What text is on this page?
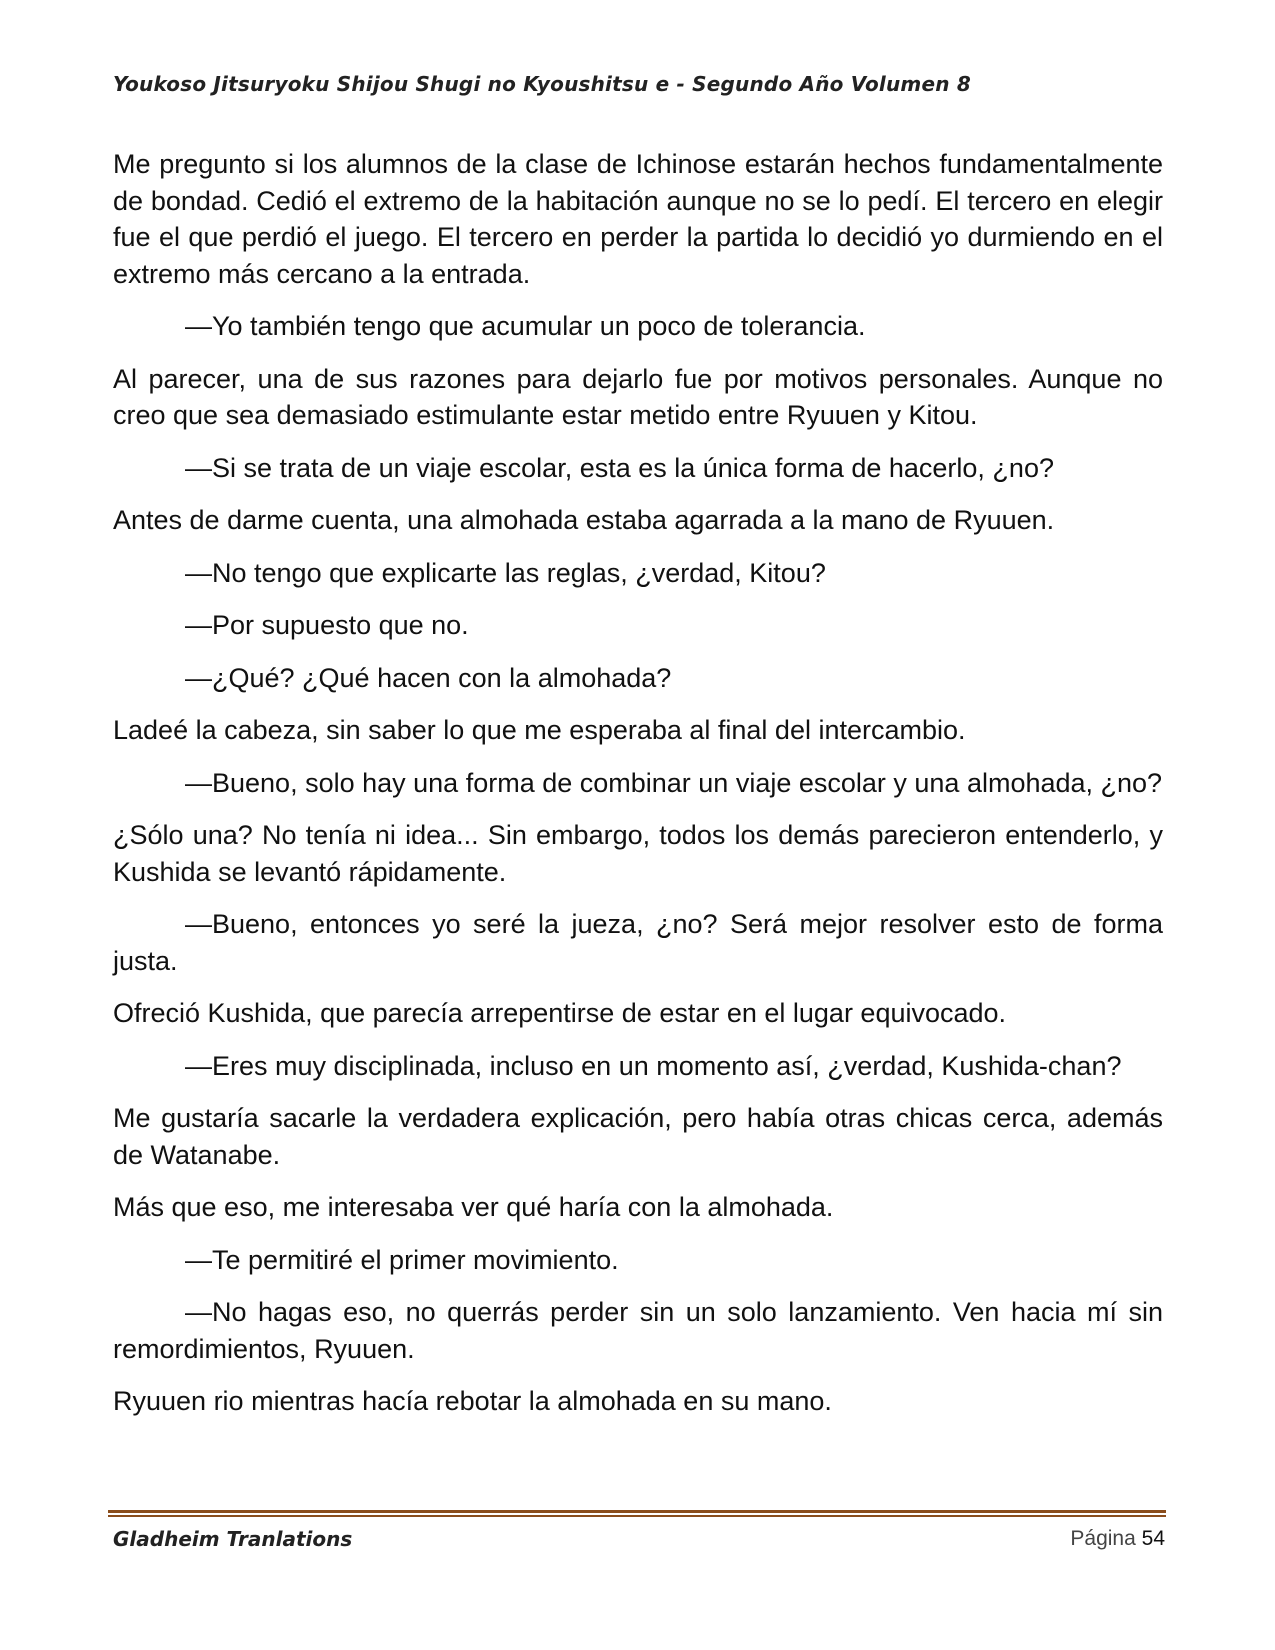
Youkoso Jitsuryoku Shijou Shugi no Kyoushitsu e - Segundo Año Volumen 8

Me pregunto si los alumnos de la clase de Ichinose estarán hechos fundamentalmente de bondad. Cedió el extremo de la habitación aunque no se lo pedí. El tercero en elegir fue el que perdió el juego. El tercero en perder la partida lo decidió yo durmiendo en el extremo más cercano a la entrada.

—Yo también tengo que acumular un poco de tolerancia.

Al parecer, una de sus razones para dejarlo fue por motivos personales. Aunque no creo que sea demasiado estimulante estar metido entre Ryuuen y Kitou.

—Si se trata de un viaje escolar, esta es la única forma de hacerlo, ¿no?

Antes de darme cuenta, una almohada estaba agarrada a la mano de Ryuuen.

—No tengo que explicarte las reglas, ¿verdad, Kitou?

—Por supuesto que no.

—¿Qué? ¿Qué hacen con la almohada?

Ladeé la cabeza, sin saber lo que me esperaba al final del intercambio.

—Bueno, solo hay una forma de combinar un viaje escolar y una almohada, ¿no?

¿Sólo una? No tenía ni idea... Sin embargo, todos los demás parecieron entenderlo, y Kushida se levantó rápidamente.

—Bueno, entonces yo seré la jueza, ¿no? Será mejor resolver esto de forma justa.

Ofreció Kushida, que parecía arrepentirse de estar en el lugar equivocado.

—Eres muy disciplinada, incluso en un momento así, ¿verdad, Kushida-chan?

Me gustaría sacarle la verdadera explicación, pero había otras chicas cerca, además de Watanabe.

Más que eso, me interesaba ver qué haría con la almohada.

—Te permitiré el primer movimiento.

—No hagas eso, no querrás perder sin un solo lanzamiento. Ven hacia mí sin remordimientos, Ryuuen.

Ryuuen rio mientras hacía rebotar la almohada en su mano.

Gladheim Tranlations	Página 54
